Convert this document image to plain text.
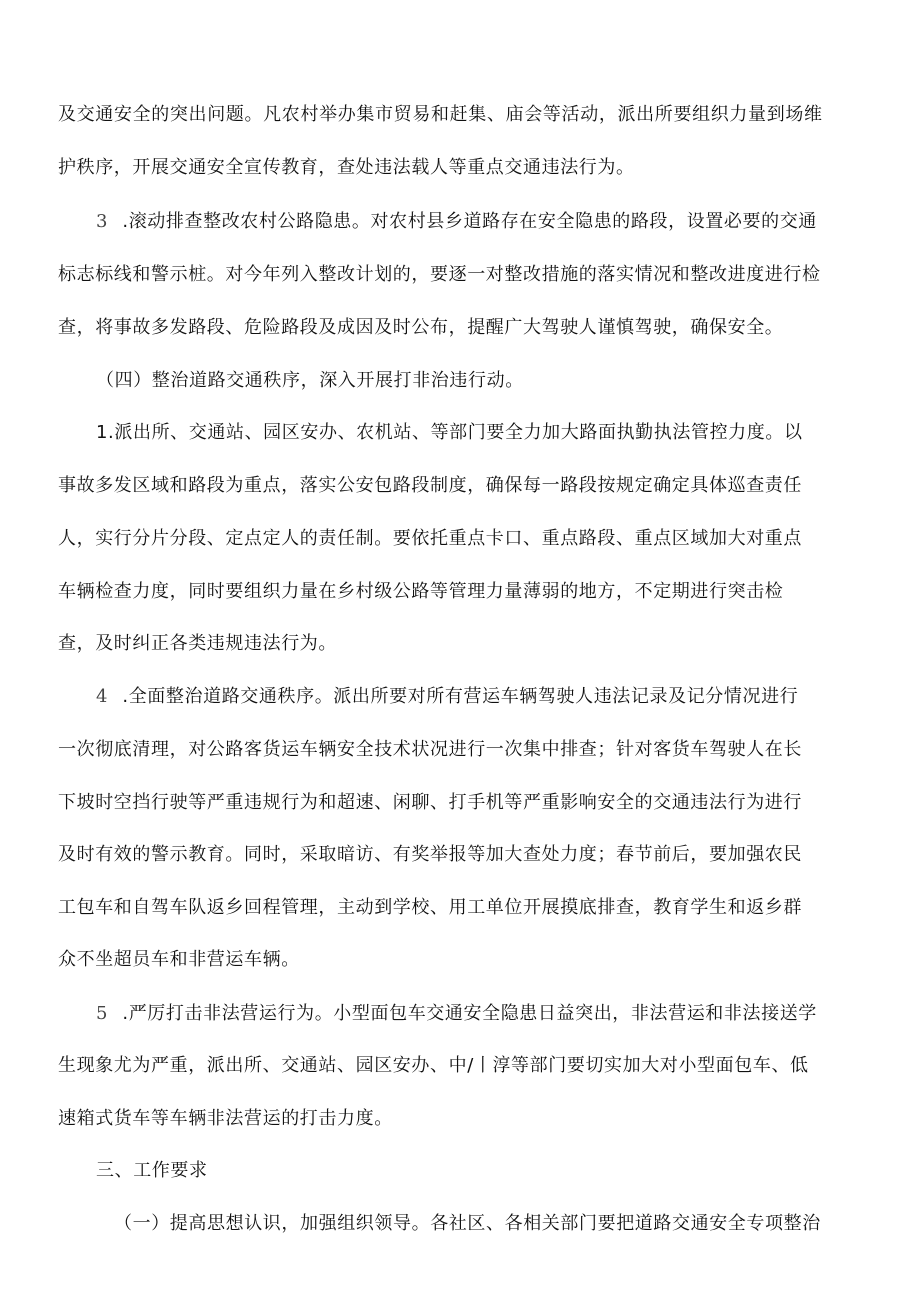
及交通安全的突出问题。凡农村举办集市贸易和赶集、庙会等活动，派出所要组织力量到场维
护秩序，开展交通安全宣传教育，查处违法载人等重点交通违法行为。
3 .滚动排查整改农村公路隐患。对农村县乡道路存在安全隐患的路段，设置必要的交通
标志标线和警示桩。对今年列入整改计划的，要逐一对整改措施的落实情况和整改进度进行检
查，将事故多发路段、危险路段及成因及时公布，提醒广大驾驶人谨慎驾驶，确保安全。
（四）整治道路交通秩序，深入开展打非治违行动。
1.派出所、交通站、园区安办、农机站、等部门要全力加大路面执勤执法管控力度。以
事故多发区域和路段为重点，落实公安包路段制度，确保每一路段按规定确定具体巡查责任
人，实行分片分段、定点定人的责任制。要依托重点卡口、重点路段、重点区域加大对重点
车辆检查力度，同时要组织力量在乡村级公路等管理力量薄弱的地方，不定期进行突击检
查，及时纠正各类违规违法行为。
4 .全面整治道路交通秩序。派出所要对所有营运车辆驾驶人违法记录及记分情况进行
一次彻底清理，对公路客货运车辆安全技术状况进行一次集中排查；针对客货车驾驶人在长
下坡时空挡行驶等严重违规行为和超速、闲聊、打手机等严重影响安全的交通违法行为进行
及时有效的警示教育。同时，采取暗访、有奖举报等加大查处力度；春节前后，要加强农民
工包车和自驾车队返乡回程管理，主动到学校、用工单位开展摸底排查，教育学生和返乡群
众不坐超员车和非营运车辆。
5 .严厉打击非法营运行为。小型面包车交通安全隐患日益突出，非法营运和非法接送学
生现象尤为严重，派出所、交通站、园区安办、中/丨淳等部门要切实加大对小型面包车、低
速箱式货车等车辆非法营运的打击力度。
三、工作要求
（一）提高思想认识，加强组织领导。各社区、各相关部门要把道路交通安全专项整治
